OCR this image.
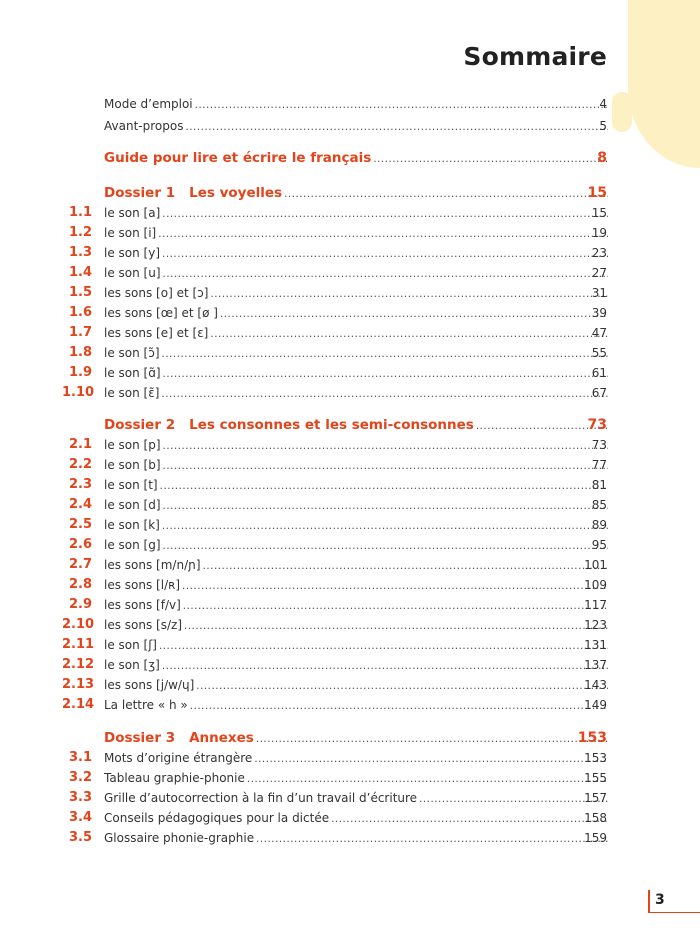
Sommaire
Mode d’emploi . . .	4
Avant-propos . . .	5
Guide pour lire et écrire le français . . .	8
Dossier 1 Les voyelles . . .	15
1.1 le son [a] . . .	15
1.2 le son [i] . . .	19
1.3 le son [y] . . .	23
1.4 le son [u] . . .	27
1.5 les sons [o] et [ɔ] . . .	31
1.6 les sons [œ] et [ø ] . . .	39
1.7 les sons [e] et [ɛ] . . .	47
1.8 le son [ɔ̃] . . .	55
1.9 le son [ɑ̃] . . .	61
1.10 le son [ɛ̃] . . .	67
Dossier 2 Les consonnes et les semi-consonnes . . .	73
2.1 le son [p] . . .	73
2.2 le son [b] . . .	77
2.3 le son [t] . . .	81
2.4 le son [d] . . .	85
2.5 le son [k] . . .	89
2.6 le son [g] . . .	95
2.7 les sons [m/n/ɲ] . . .	101
2.8 les sons [l/ʀ] . . .	109
2.9 les sons [f/v] . . .	117
2.10 les sons [s/z] . . .	123
2.11 le son [ʃ] . . .	131
2.12 le son [ʒ] . . .	137
2.13 les sons [j/w/ɥ] . . .	143
2.14 La lettre « h » . . .	149
Dossier 3 Annexes . . .	153
3.1 Mots d’origine étrangère . . .	153
3.2 Tableau graphie-phonie . . .	155
3.3 Grille d’autocorrection à la fin d’un travail d’écriture . . .	157
3.4 Conseils pédagogiques pour la dictée . . .	158
3.5 Glossaire phonie-graphie . . .	159
3
